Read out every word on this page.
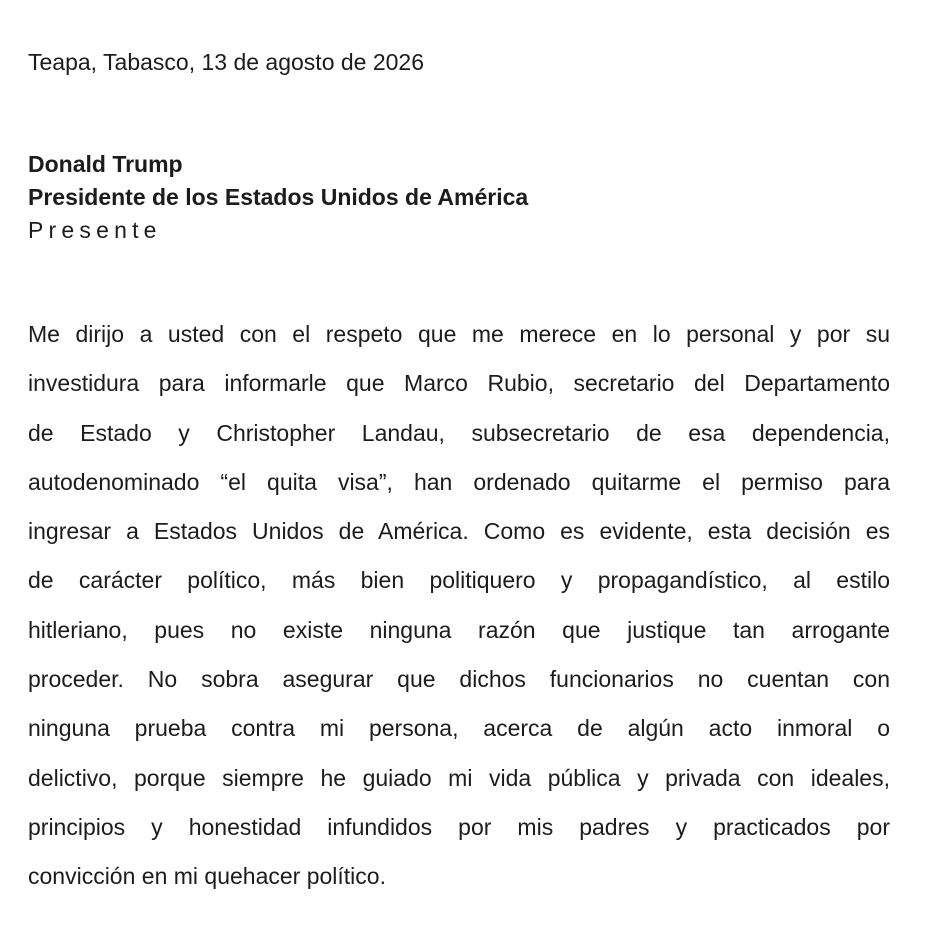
Teapa, Tabasco, 13 de agosto de 2026
Donald Trump
Presidente de los Estados Unidos de América
Presente
Me dirijo a usted con el respeto que me merece en lo personal y por su
investidura para informarle que Marco Rubio, secretario del Departamento
de Estado y Christopher Landau, subsecretario de esa dependencia,
autodenominado “el quita visa”, han ordenado quitarme el permiso para
ingresar a Estados Unidos de América. Como es evidente, esta decisión es
de carácter político, más bien politiquero y propagandístico, al estilo
hitleriano, pues no existe ninguna razón que justique tan arrogante
proceder. No sobra asegurar que dichos funcionarios no cuentan con
ninguna prueba contra mi persona, acerca de algún acto inmoral o
delictivo, porque siempre he guiado mi vida pública y privada con ideales,
principios y honestidad infundidos por mis padres y practicados por
convicción en mi quehacer político.
